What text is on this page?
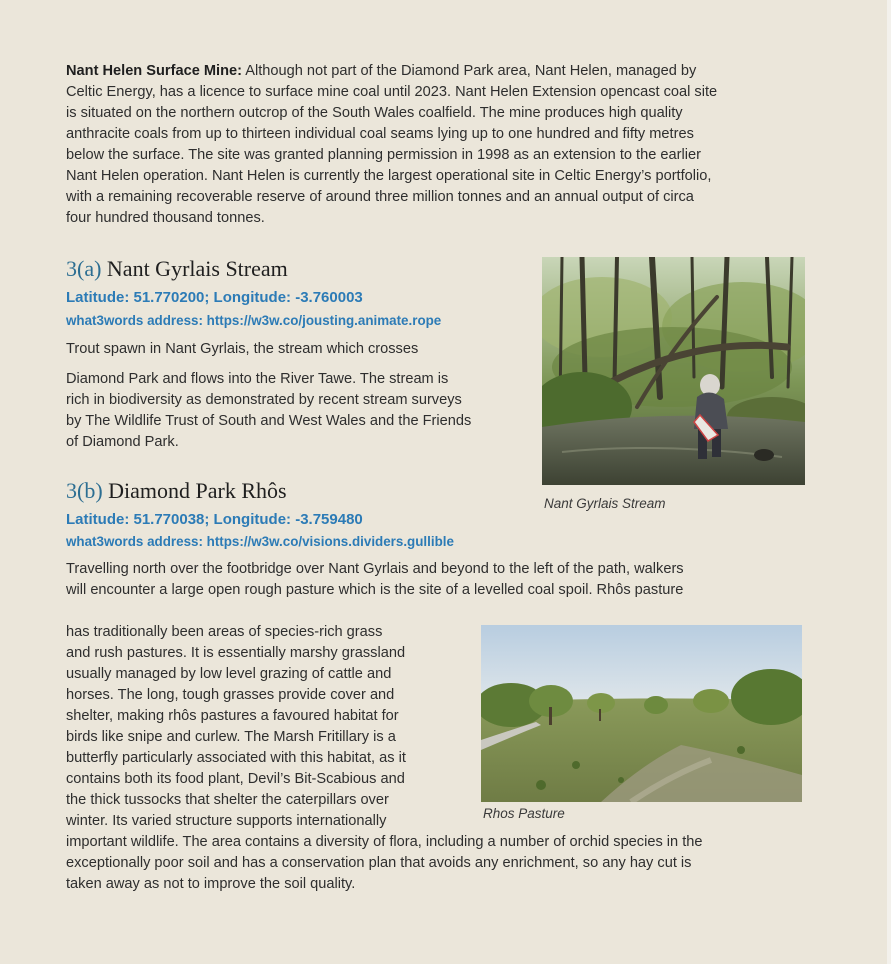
Nant Helen Surface Mine: Although not part of the Diamond Park area, Nant Helen, managed by
Celtic Energy, has a licence to surface mine coal until 2023. Nant Helen Extension opencast coal site
is situated on the northern outcrop of the South Wales coalfield. The mine produces high quality
anthracite coals from up to thirteen individual coal seams lying up to one hundred and fifty metres
below the surface. The site was granted planning permission in 1998 as an extension to the earlier
Nant Helen operation. Nant Helen is currently the largest operational site in Celtic Energy’s portfolio,
with a remaining recoverable reserve of around three million tonnes and an annual output of circa
four hundred thousand tonnes.

3(a) Nant Gyrlais Stream

Latitude: 51.770200; Longitude: -3.760003

what3words address: https://w3w.co/jousting.animate.rope

Trout spawn in Nant Gyrlais, the stream which crosses

Diamond Park and flows into the River Tawe. The stream is
rich in biodiversity as demonstrated by recent stream surveys
by The Wildlife Trust of South and West Wales and the Friends
of Diamond Park.

Nant Gyrlais Stream

3(b) Diamond Park Rhôs

Latitude: 51.770038; Longitude: -3.759480

what3words address: https://w3w.co/visions.dividers.gullible

Travelling north over the footbridge over Nant Gyrlais and beyond to the left of the path, walkers
will encounter a large open rough pasture which is the site of a levelled coal spoil. Rhôs pasture

has traditionally been areas of species-rich grass
and rush pastures. It is essentially marshy grassland
usually managed by low level grazing of cattle and
horses. The long, tough grasses provide cover and
shelter, making rhôs pastures a favoured habitat for
birds like snipe and curlew. The Marsh Fritillary is a
butterfly particularly associated with this habitat, as it
contains both its food plant, Devil’s Bit-Scabious and
the thick tussocks that shelter the caterpillars over
winter. Its varied structure supports internationally
important wildlife. The area contains a diversity of flora, including a number of orchid species in the
exceptionally poor soil and has a conservation plan that avoids any enrichment, so any hay cut is
taken away as not to improve the soil quality.

Rhos Pasture
